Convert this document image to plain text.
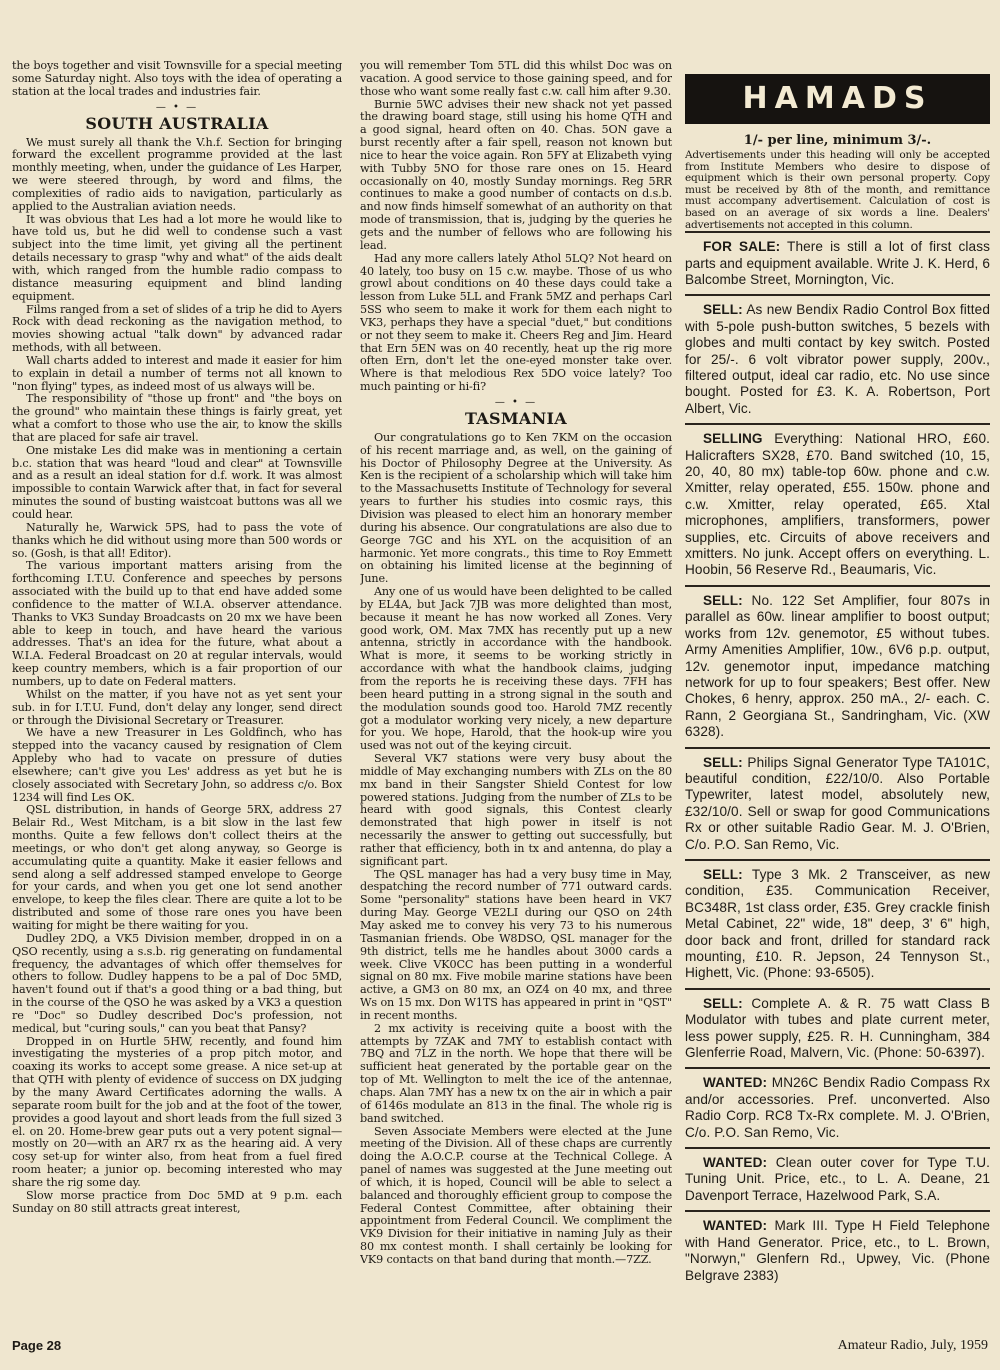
the boys together and visit Townsville for a special meeting some Saturday night. Also toys with the idea of operating a station at the local trades and industries fair.

— • —
SOUTH AUSTRALIA

We must surely all thank the V.h.f. Section for bringing forward the excellent programme provided at the last monthly meeting, when, under the guidance of Les Harper, we were steered through, by word and films, the complexities of radio aids to navigation, particularly as applied to the Australian aviation needs.

It was obvious that Les had a lot more he would like to have told us, but he did well to condense such a vast subject into the time limit, yet giving all the pertinent details necessary to grasp "why and what" of the aids dealt with, which ranged from the humble radio compass to distance measuring equipment and blind landing equipment.

Films ranged from a set of slides of a trip he did to Ayers Rock with dead reckoning as the navigation method, to movies showing actual "talk down" by advanced radar methods, with all between.

Wall charts added to interest and made it easier for him to explain in detail a number of terms not all known to "non flying" types, as indeed most of us always will be.

The responsibility of "those up front" and "the boys on the ground" who maintain these things is fairly great, yet what a comfort to those who use the air, to know the skills that are placed for safe air travel.

One mistake Les did make was in mentioning a certain b.c. station that was heard "loud and clear" at Townsville and as a result an ideal station for d.f. work. It was almost impossible to contain Warwick after that, in fact for several minutes the sound of busting waistcoat buttons was all we could hear.

Naturally he, Warwick 5PS, had to pass the vote of thanks which he did without using more than 500 words or so. (Gosh, is that all! Editor).

The various important matters arising from the forthcoming I.T.U. Conference and speeches by persons associated with the build up to that end have added some confidence to the matter of W.I.A. observer attendance. Thanks to VK3 Sunday Broadcasts on 20 mx we have been able to keep in touch, and have heard the various addresses. That's an idea for the future, what about a W.I.A. Federal Broadcast on 20 at regular intervals, would keep country members, which is a fair proportion of our numbers, up to date on Federal matters.

Whilst on the matter, if you have not as yet sent your sub. in for I.T.U. Fund, don't delay any longer, send direct or through the Divisional Secretary or Treasurer.

We have a new Treasurer in Les Goldfinch, who has stepped into the vacancy caused by resignation of Clem Appleby who had to vacate on pressure of duties elsewhere; can't give you Les' address as yet but he is closely associated with Secretary John, so address c/o. Box 1234 will find Les OK.

QSL distribution, in hands of George 5RX, address 27 Belair Rd., West Mitcham, is a bit slow in the last few months. Quite a few fellows don't collect theirs at the meetings, or who don't get along anyway, so George is accumulating quite a quantity. Make it easier fellows and send along a self addressed stamped envelope to George for your cards, and when you get one lot send another envelope, to keep the files clear. There are quite a lot to be distributed and some of those rare ones you have been waiting for might be there waiting for you.

Dudley 2DQ, a VK5 Division member, dropped in on a QSO recently, using a s.s.b. rig generating on fundamental frequency, the advantages of which offer themselves for others to follow. Dudley happens to be a pal of Doc 5MD, haven't found out if that's a good thing or a bad thing, but in the course of the QSO he was asked by a VK3 a question re "Doc" so Dudley described Doc's profession, not medical, but "curing souls," can you beat that Pansy?

Dropped in on Hurtle 5HW, recently, and found him investigating the mysteries of a prop pitch motor, and coaxing its works to accept some grease. A nice set-up at that QTH with plenty of evidence of success on DX judging by the many Award Certificates adorning the walls. A separate room built for the job and at the foot of the tower, provides a good layout and short leads from the full sized 3 el. on 20. Home-brew gear puts out a very potent signal—mostly on 20—with an AR7 rx as the hearing aid. A very cosy set-up for winter also, from heat from a fuel fired room heater; a junior op. becoming interested who may share the rig some day.

Slow morse practice from Doc 5MD at 9 p.m. each Sunday on 80 still attracts great interest,

you will remember Tom 5TL did this whilst Doc was on vacation. A good service to those gaining speed, and for those who want some really fast c.w. call him after 9.30.

Burnie 5WC advises their new shack not yet passed the drawing board stage, still using his home QTH and a good signal, heard often on 40. Chas. 5ON gave a burst recently after a fair spell, reason not known but nice to hear the voice again. Ron 5FY at Elizabeth vying with Tubby 5NO for those rare ones on 15. Heard occasionally on 40, mostly Sunday mornings. Reg 5RR continues to make a good number of contacts on d.s.b. and now finds himself somewhat of an authority on that mode of transmission, that is, judging by the queries he gets and the number of fellows who are following his lead.

Had any more callers lately Athol 5LQ? Not heard on 40 lately, too busy on 15 c.w. maybe. Those of us who growl about conditions on 40 these days could take a lesson from Luke 5LL and Frank 5MZ and perhaps Carl 5SS who seem to make it work for them each night to VK3, perhaps they have a special "duet," but conditions or not they seem to make it. Cheers Reg and Jim. Heard that Ern 5EN was on 40 recently, heat up the rig more often Ern, don't let the one-eyed monster take over. Where is that melodious Rex 5DO voice lately? Too much painting or hi-fi?

— • —
TASMANIA

Our congratulations go to Ken 7KM on the occasion of his recent marriage and, as well, on the gaining of his Doctor of Philosophy Degree at the University. As Ken is the recipient of a scholarship which will take him to the Massachusetts Institute of Technology for several years to further his studies into cosmic rays, this Division was pleased to elect him an honorary member during his absence. Our congratulations are also due to George 7GC and his XYL on the acquisition of an harmonic. Yet more congrats., this time to Roy Emmett on obtaining his limited license at the beginning of June.

Any one of us would have been delighted to be called by EL4A, but Jack 7JB was more delighted than most, because it meant he has now worked all Zones. Very good work, OM. Max 7MX has recently put up a new antenna, strictly in accordance with the handbook. What is more, it seems to be working strictly in accordance with what the handbook claims, judging from the reports he is receiving these days. 7FH has been heard putting in a strong signal in the south and the modulation sounds good too. Harold 7MZ recently got a modulator working very nicely, a new departure for you. We hope, Harold, that the hook-up wire you used was not out of the keying circuit.

Several VK7 stations were very busy about the middle of May exchanging numbers with ZLs on the 80 mx band in their Sangster Shield Contest for low powered stations. Judging from the number of ZLs to be heard with good signals, this Contest clearly demonstrated that high power in itself is not necessarily the answer to getting out successfully, but rather that efficiency, both in tx and antenna, do play a significant part.

The QSL manager has had a very busy time in May, despatching the record number of 771 outward cards. Some "personality" stations have been heard in VK7 during May. George VE2LI during our QSO on 24th May asked me to convey his very 73 to his numerous Tasmanian friends. Obe W8DSO, QSL manager for the 9th district, tells me he handles about 3000 cards a week. Clive VK0CC has been putting in a wonderful signal on 80 mx. Five mobile marine stations have been active, a GM3 on 80 mx, an OZ4 on 40 mx, and three Ws on 15 mx. Don W1TS has appeared in print in "QST" in recent months.

2 mx activity is receiving quite a boost with the attempts by 7ZAK and 7MY to establish contact with 7BQ and 7LZ in the north. We hope that there will be sufficient heat generated by the portable gear on the top of Mt. Wellington to melt the ice of the antennae, chaps. Alan 7MY has a new tx on the air in which a pair of 6146s modulate an 813 in the final. The whole rig is band switched.

Seven Associate Members were elected at the June meeting of the Division. All of these chaps are currently doing the A.O.C.P. course at the Technical College. A panel of names was suggested at the June meeting out of which, it is hoped, Council will be able to select a balanced and thoroughly efficient group to compose the Federal Contest Committee, after obtaining their appointment from Federal Council. We compliment the VK9 Division for their initiative in naming July as their 80 mx contest month. I shall certainly be looking for VK9 contacts on that band during that month.—7ZZ.

HAMADS
1/- per line, minimum 3/-.

Advertisements under this heading will only be accepted from Institute Members who desire to dispose of equipment which is their own personal property. Copy must be received by 8th of the month, and remittance must accompany advertisement. Calculation of cost is based on an average of six words a line. Dealers' advertisements not accepted in this column.

FOR SALE: There is still a lot of first class parts and equipment available. Write J. K. Herd, 6 Balcombe Street, Mornington, Vic.

SELL: As new Bendix Radio Control Box fitted with 5-pole push-button switches, 5 bezels with globes and multi contact by key switch. Posted for 25/-. 6 volt vibrator power supply, 200v., filtered output, ideal car radio, etc. No use since bought. Posted for £3. K. A. Robertson, Port Albert, Vic.

SELLING Everything: National HRO, £60. Halicrafters SX28, £70. Band switched (10, 15, 20, 40, 80 mx) table-top 60w. phone and c.w. Xmitter, relay operated, £55. 150w. phone and c.w. Xmitter, relay operated, £65. Xtal microphones, amplifiers, transformers, power supplies, etc. Circuits of above receivers and xmitters. No junk. Accept offers on everything. L. Hoobin, 56 Reserve Rd., Beaumaris, Vic.

SELL: No. 122 Set Amplifier, four 807s in parallel as 60w. linear amplifier to boost output; works from 12v. genemotor, £5 without tubes. Army Amenities Amplifier, 10w., 6V6 p.p. output, 12v. genemotor input, impedance matching network for up to four speakers; Best offer. New Chokes, 6 henry, approx. 250 mA., 2/- each. C. Rann, 2 Georgiana St., Sandringham, Vic. (XW 6328).

SELL: Philips Signal Generator Type TA101C, beautiful condition, £22/10/0. Also Portable Typewriter, latest model, absolutely new, £32/10/0. Sell or swap for good Communications Rx or other suitable Radio Gear. M. J. O'Brien, C/o. P.O. San Remo, Vic.

SELL: Type 3 Mk. 2 Transceiver, as new condition, £35. Communication Receiver, BC348R, 1st class order, £35. Grey crackle finish Metal Cabinet, 22" wide, 18" deep, 3' 6" high, door back and front, drilled for standard rack mounting, £10. R. Jepson, 24 Tennyson St., Highett, Vic. (Phone: 93-6505).

SELL: Complete A. & R. 75 watt Class B Modulator with tubes and plate current meter, less power supply, £25. R. H. Cunningham, 384 Glenferrie Road, Malvern, Vic. (Phone: 50-6397).

WANTED: MN26C Bendix Radio Compass Rx and/or accessories. Pref. unconverted. Also Radio Corp. RC8 Tx-Rx complete. M. J. O'Brien, C/o. P.O. San Remo, Vic.

WANTED: Clean outer cover for Type T.U. Tuning Unit. Price, etc., to L. A. Deane, 21 Davenport Terrace, Hazelwood Park, S.A.

WANTED: Mark III. Type H Field Telephone with Hand Generator. Price, etc., to L. Brown, "Norwyn," Glenfern Rd., Upwey, Vic. (Phone Belgrave 2383)

Page 28	Amateur Radio, July, 1959
